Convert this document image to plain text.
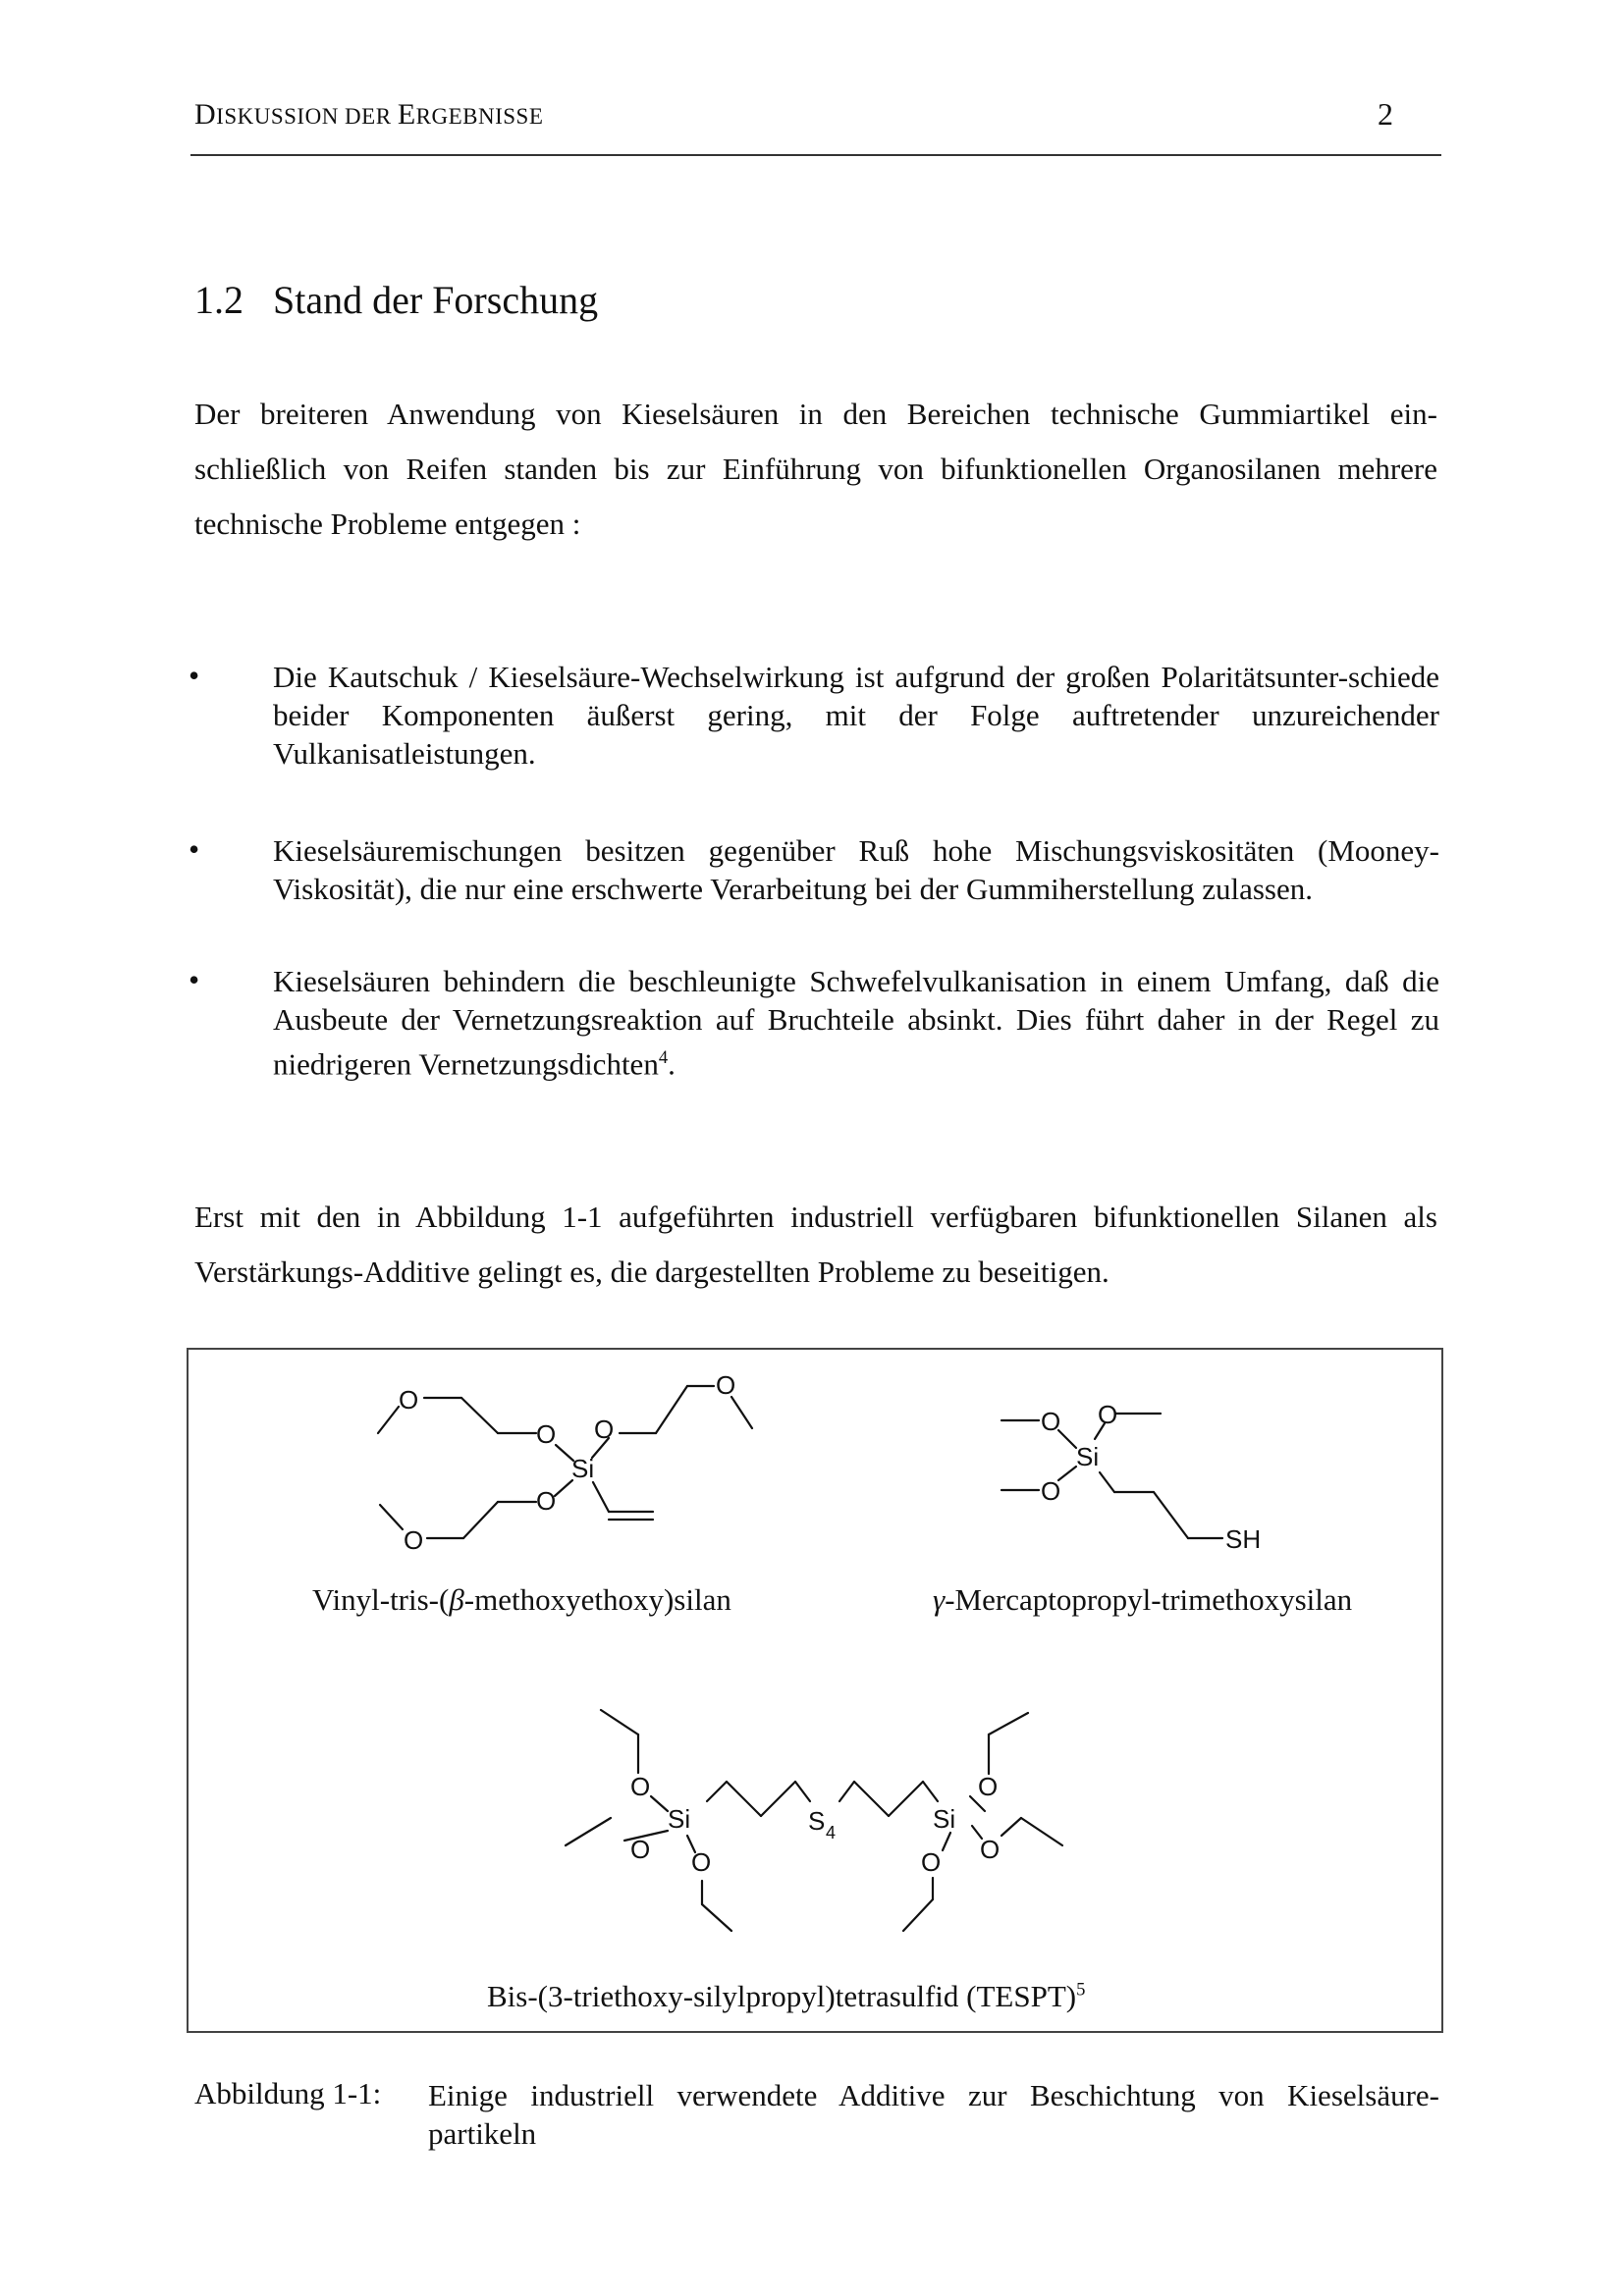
DISKUSSION DER ERGEBNISSE	2
1.2 Stand der Forschung
Der breiteren Anwendung von Kieselsäuren in den Bereichen technische Gummiartikel ein-schließlich von Reifen standen bis zur Einführung von bifunktionellen Organosilanen mehrere technische Probleme entgegen :
• Die Kautschuk / Kieselsäure-Wechselwirkung ist aufgrund der großen Polaritätsunter-schiede beider Komponenten äußerst gering, mit der Folge auftretender unzureichender Vulkanisatleistungen.
• Kieselsäuremischungen besitzen gegenüber Ruß hohe Mischungsviskositäten (Mooney-Viskosität), die nur eine erschwerte Verarbeitung bei der Gummiherstellung zulassen.
• Kieselsäuren behindern die beschleunigte Schwefelvulkanisation in einem Umfang, daß die Ausbeute der Vernetzungsreaktion auf Bruchteile absinkt. Dies führt daher in der Regel zu niedrigeren Vernetzungsdichten$^4$.
Erst mit den in Abbildung 1-1 aufgeführten industriell verfügbaren bifunktionellen Silanen als Verstärkungs-Additive gelingt es, die dargestellten Probleme zu beseitigen.
O
O O
O
Si
O
O
O O
Si
O
SH
O
Si
O O
S 4
O
Si
O
O
Vinyl-tris-(β-methoxyethoxy)silan	γ-Mercaptopropyl-trimethoxysilan
Bis-(3-triethoxy-silylpropyl)tetrasulfid (TESPT)$^5$
Abbildung 1-1: Einige industriell verwendete Additive zur Beschichtung von Kieselsäure-partikeln
